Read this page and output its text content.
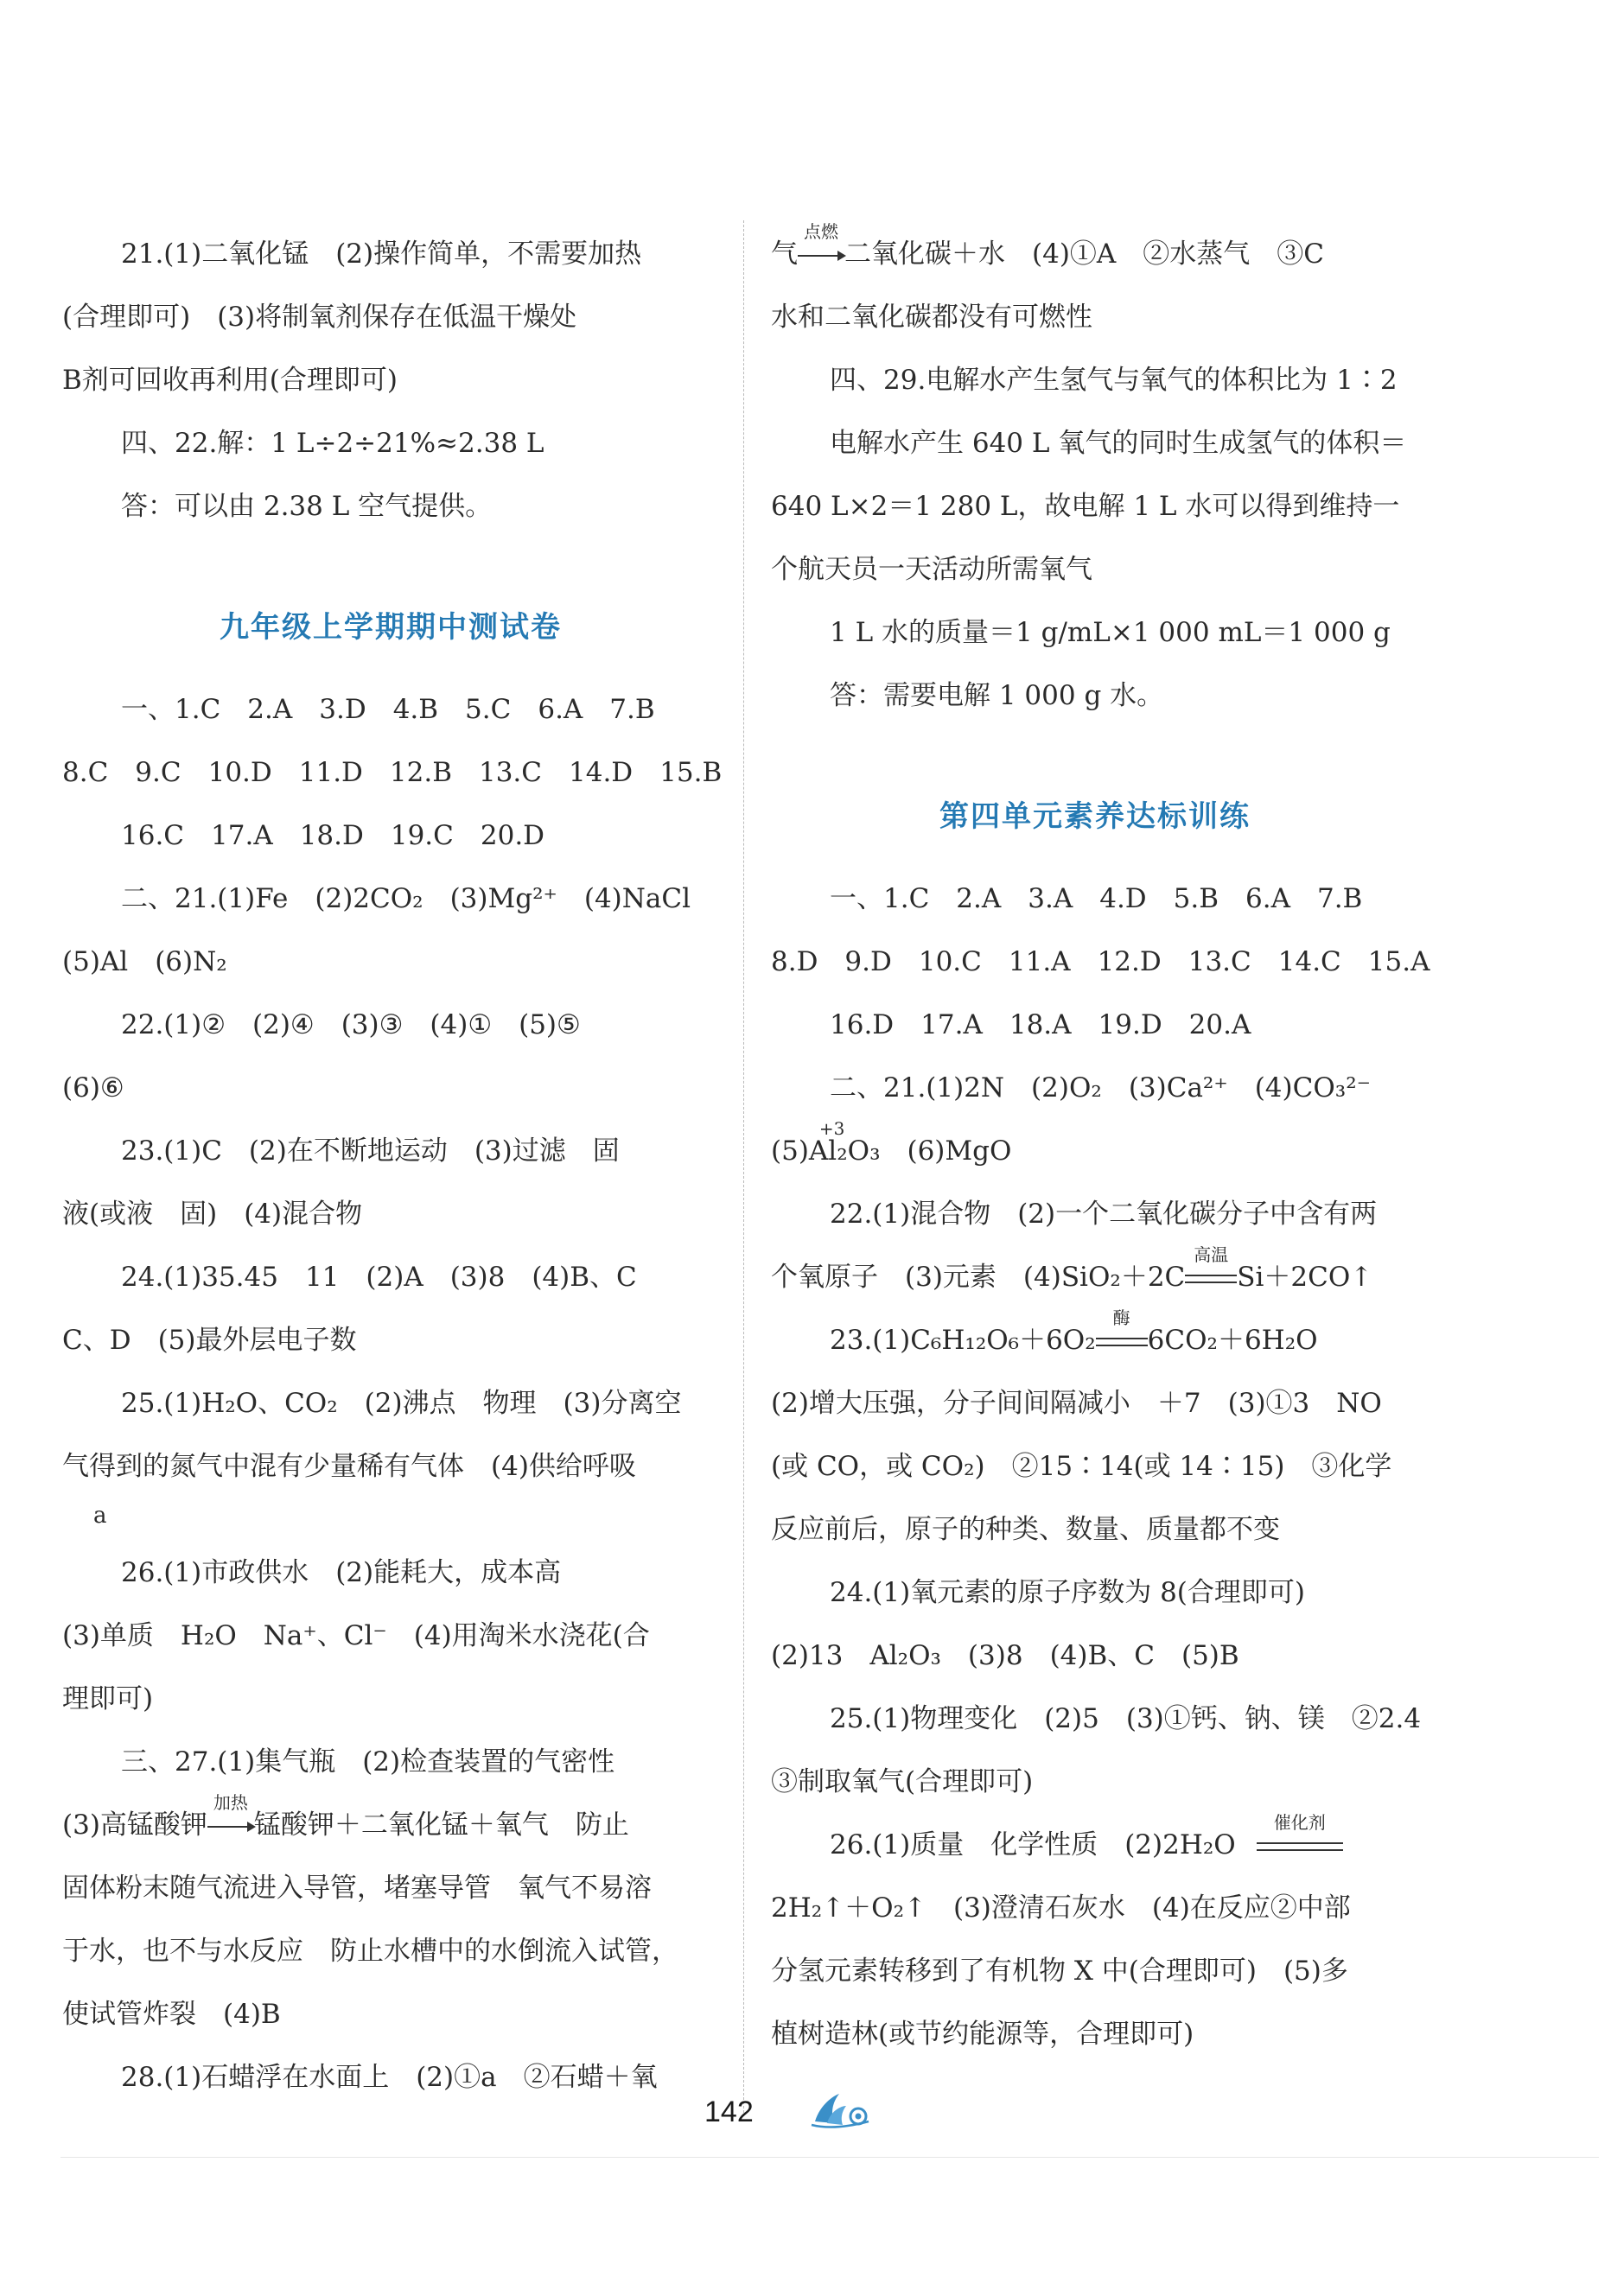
21.(1)二氧化锰　(2)操作简单，不需要加热
(合理即可)　(3)将制氧剂保存在低温干燥处
B剂可回收再利用(合理即可)
四、22.解：1 L÷2÷21%≈2.38 L
答：可以由 2.38 L 空气提供。
九年级上学期期中测试卷
一、1.C　2.A　3.D　4.B　5.C　6.A　7.B
8.C　9.C　10.D　11.D　12.B　13.C　14.D　15.B
16.C　17.A　18.D　19.C　20.D
二、21.(1)Fe　(2)2CO₂　(3)Mg²⁺　(4)NaCl
(5)Al　(6)N₂
22.(1)②　(2)④　(3)③　(4)①　(5)⑤
(6)⑥
23.(1)C　(2)在不断地运动　(3)过滤　固
液(或液　固)　(4)混合物
24.(1)35.45　11　(2)A　(3)8　(4)B、C
C、D　(5)最外层电子数
25.(1)H₂O、CO₂　(2)沸点　物理　(3)分离空
气得到的氮气中混有少量稀有气体　(4)供给呼吸
a
26.(1)市政供水　(2)能耗大，成本高
(3)单质　H₂O　Na⁺、Cl⁻　(4)用淘米水浇花(合
理即可)
三、27.(1)集气瓶　(2)检查装置的气密性
(3)高锰酸钾
加热
锰酸钾＋二氧化锰＋氧气　防止
固体粉末随气流进入导管，堵塞导管　氧气不易溶
于水，也不与水反应　防止水槽中的水倒流入试管，
使试管炸裂　(4)B
28.(1)石蜡浮在水面上　(2)①a　②石蜡＋氧
气
点燃
二氧化碳＋水　(4)①A　②水蒸气　③C
水和二氧化碳都没有可燃性
四、29.电解水产生氢气与氧气的体积比为 1∶2
电解水产生 640 L 氧气的同时生成氢气的体积＝
640 L×2＝1 280 L，故电解 1 L 水可以得到维持一
个航天员一天活动所需氧气
1 L 水的质量＝1 g/mL×1 000 mL＝1 000 g
答：需要电解 1 000 g 水。
第四单元素养达标训练
一、1.C　2.A　3.A　4.D　5.B　6.A　7.B
8.D　9.D　10.C　11.A　12.D　13.C　14.C　15.A
16.D　17.A　18.A　19.D　20.A
二、21.(1)2N　(2)O₂　(3)Ca²⁺　(4)CO₃²⁻
(5)
+3
Al₂O₃　(6)MgO
22.(1)混合物　(2)一个二氧化碳分子中含有两
个氧原子　(3)元素　(4)SiO₂＋2C
高温
Si＋2CO↑
23.(1)C₆H₁₂O₆＋6O₂
酶
6CO₂＋6H₂O
(2)增大压强，分子间间隔减小　＋7　(3)①3　NO
(或 CO，或 CO₂)　②15∶14(或 14∶15)　③化学
反应前后，原子的种类、数量、质量都不变
24.(1)氧元素的原子序数为 8(合理即可)
(2)13　Al₂O₃　(3)8　(4)B、C　(5)B
25.(1)物理变化　(2)5　(3)①钙、钠、镁　②2.4
③制取氧气(合理即可)
26.(1)质量　化学性质　(2)2H₂O
催化剂
2H₂↑＋O₂↑　(3)澄清石灰水　(4)在反应②中部
分氢元素转移到了有机物 X 中(合理即可)　(5)多
植树造林(或节约能源等，合理即可)
142
